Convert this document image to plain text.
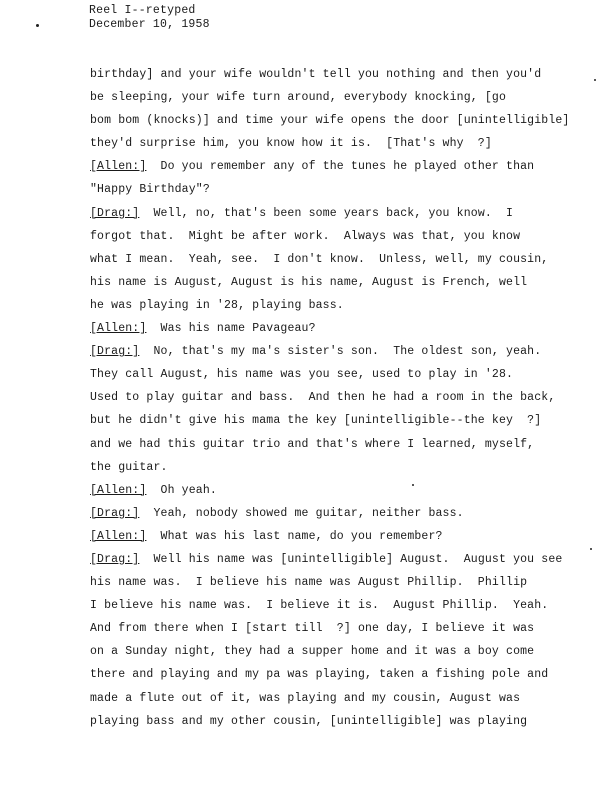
Reel I--retyped
December 10, 1958
birthday] and your wife wouldn't tell you nothing and then you'd
be sleeping, your wife turn around, everybody knocking, [go
bom bom (knocks)] and time your wife opens the door [unintelligible]
they'd surprise him, you know how it is.  [That's why  ?]
[Allen:]  Do you remember any of the tunes he played other than
"Happy Birthday"?
[Drag:]  Well, no, that's been some years back, you know.  I
forgot that.  Might be after work.  Always was that, you know
what I mean.  Yeah, see.  I don't know.  Unless, well, my cousin,
his name is August, August is his name, August is French, well
he was playing in '28, playing bass.
[Allen:]  Was his name Pavageau?
[Drag:]  No, that's my ma's sister's son.  The oldest son, yeah.
They call August, his name was you see, used to play in '28.
Used to play guitar and bass.  And then he had a room in the back,
but he didn't give his mama the key [unintelligible--the key  ?]
and we had this guitar trio and that's where I learned, myself,
the guitar.
[Allen:]  Oh yeah.
[Drag:]  Yeah, nobody showed me guitar, neither bass.
[Allen:]  What was his last name, do you remember?
[Drag:]  Well his name was [unintelligible] August.  August you see
his name was.  I believe his name was August Phillip.  Phillip
I believe his name was.  I believe it is.  August Phillip.  Yeah.
And from there when I [start till  ?] one day, I believe it was
on a Sunday night, they had a supper home and it was a boy come
there and playing and my pa was playing, taken a fishing pole and
made a flute out of it, was playing and my cousin, August was
playing bass and my other cousin, [unintelligible] was playing
